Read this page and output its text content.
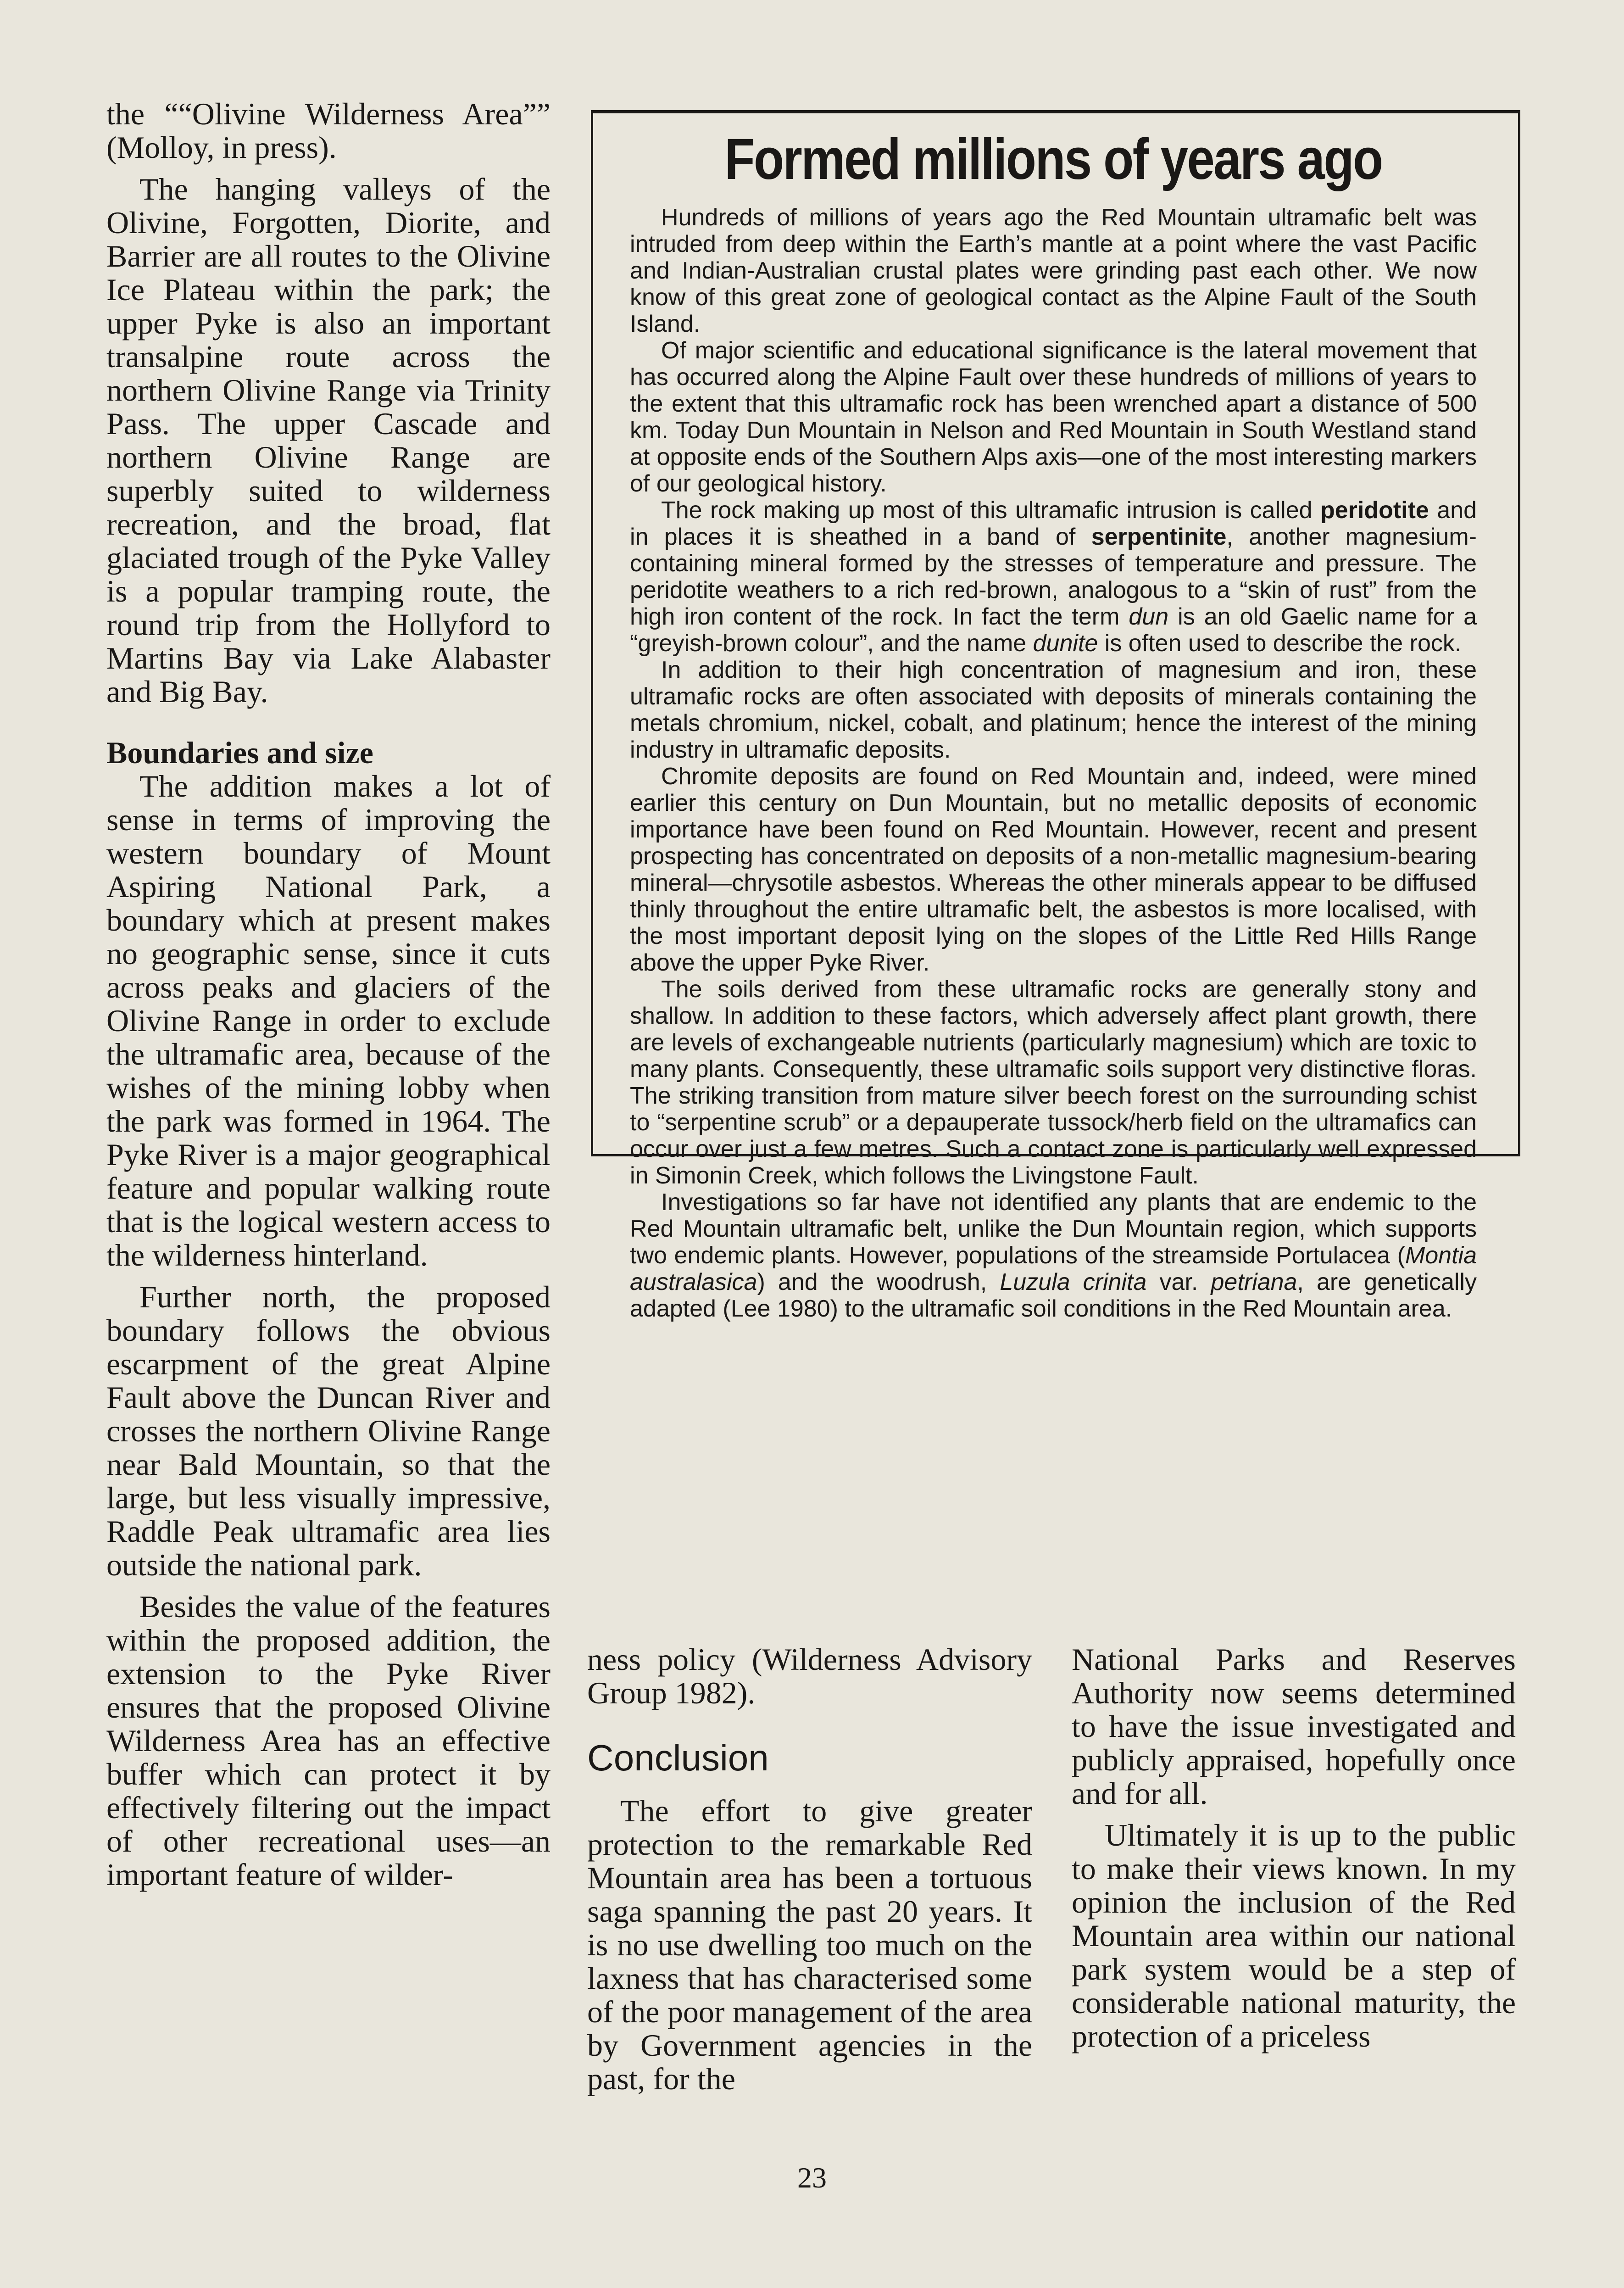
the ““Olivine Wilderness Area”” (Molloy, in press).

The hanging valleys of the Olivine, Forgotten, Diorite, and Barrier are all routes to the Olivine Ice Plateau within the park; the upper Pyke is also an important transalpine route across the northern Olivine Range via Trinity Pass. The upper Cascade and northern Olivine Range are superbly suited to wilderness recreation, and the broad, flat glaciated trough of the Pyke Valley is a popular tramping route, the round trip from the Hollyford to Martins Bay via Lake Alabaster and Big Bay.

Boundaries and size

The addition makes a lot of sense in terms of improving the western boundary of Mount Aspiring National Park, a boundary which at present makes no geographic sense, since it cuts across peaks and glaciers of the Olivine Range in order to exclude the ultramafic area, because of the wishes of the mining lobby when the park was formed in 1964. The Pyke River is a major geographical feature and popular walking route that is the logical western access to the wilderness hinterland.

Further north, the proposed boundary follows the obvious escarpment of the great Alpine Fault above the Duncan River and crosses the northern Olivine Range near Bald Mountain, so that the large, but less visually impressive, Raddle Peak ultramafic area lies outside the national park.

Besides the value of the features within the proposed addition, the extension to the Pyke River ensures that the proposed Olivine Wilderness Area has an effective buffer which can protect it by effectively filtering out the impact of other recreational uses—an important feature of wilder-

Formed millions of years ago

Hundreds of millions of years ago the Red Mountain ultramafic belt was intruded from deep within the Earth’s mantle at a point where the vast Pacific and Indian-Australian crustal plates were grinding past each other. We now know of this great zone of geological contact as the Alpine Fault of the South Island.

Of major scientific and educational significance is the lateral movement that has occurred along the Alpine Fault over these hundreds of millions of years to the extent that this ultramafic rock has been wrenched apart a distance of 500 km. Today Dun Mountain in Nelson and Red Mountain in South Westland stand at opposite ends of the Southern Alps axis—one of the most interesting markers of our geological history.

The rock making up most of this ultramafic intrusion is called peridotite and in places it is sheathed in a band of serpentinite, another magnesium-containing mineral formed by the stresses of temperature and pressure. The peridotite weathers to a rich red-brown, analogous to a “skin of rust” from the high iron content of the rock. In fact the term dun is an old Gaelic name for a “greyish-brown colour”, and the name dunite is often used to describe the rock.

In addition to their high concentration of magnesium and iron, these ultramafic rocks are often associated with deposits of minerals containing the metals chromium, nickel, cobalt, and platinum; hence the interest of the mining industry in ultramafic deposits.

Chromite deposits are found on Red Mountain and, indeed, were mined earlier this century on Dun Mountain, but no metallic deposits of economic importance have been found on Red Mountain. However, recent and present prospecting has concentrated on deposits of a non-metallic magnesium-bearing mineral—chrysotile asbestos. Whereas the other minerals appear to be diffused thinly throughout the entire ultramafic belt, the asbestos is more localised, with the most important deposit lying on the slopes of the Little Red Hills Range above the upper Pyke River.

The soils derived from these ultramafic rocks are generally stony and shallow. In addition to these factors, which adversely affect plant growth, there are levels of exchangeable nutrients (particularly magnesium) which are toxic to many plants. Consequently, these ultramafic soils support very distinctive floras. The striking transition from mature silver beech forest on the surrounding schist to “serpentine scrub” or a depauperate tussock/herb field on the ultramafics can occur over just a few metres. Such a contact zone is particularly well expressed in Simonin Creek, which follows the Livingstone Fault.

Investigations so far have not identified any plants that are endemic to the Red Mountain ultramafic belt, unlike the Dun Mountain region, which supports two endemic plants. However, populations of the streamside Portulacea (Montia australasica) and the woodrush, Luzula crinita var. petriana, are genetically adapted (Lee 1980) to the ultramafic soil conditions in the Red Mountain area.

ness policy (Wilderness Advisory Group 1982).

Conclusion

The effort to give greater protection to the remarkable Red Mountain area has been a tortuous saga spanning the past 20 years. It is no use dwelling too much on the laxness that has characterised some of the poor management of the area by Government agencies in the past, for the

National Parks and Reserves Authority now seems determined to have the issue investigated and publicly appraised, hopefully once and for all.

Ultimately it is up to the public to make their views known. In my opinion the inclusion of the Red Mountain area within our national park system would be a step of considerable national maturity, the protection of a priceless

23
